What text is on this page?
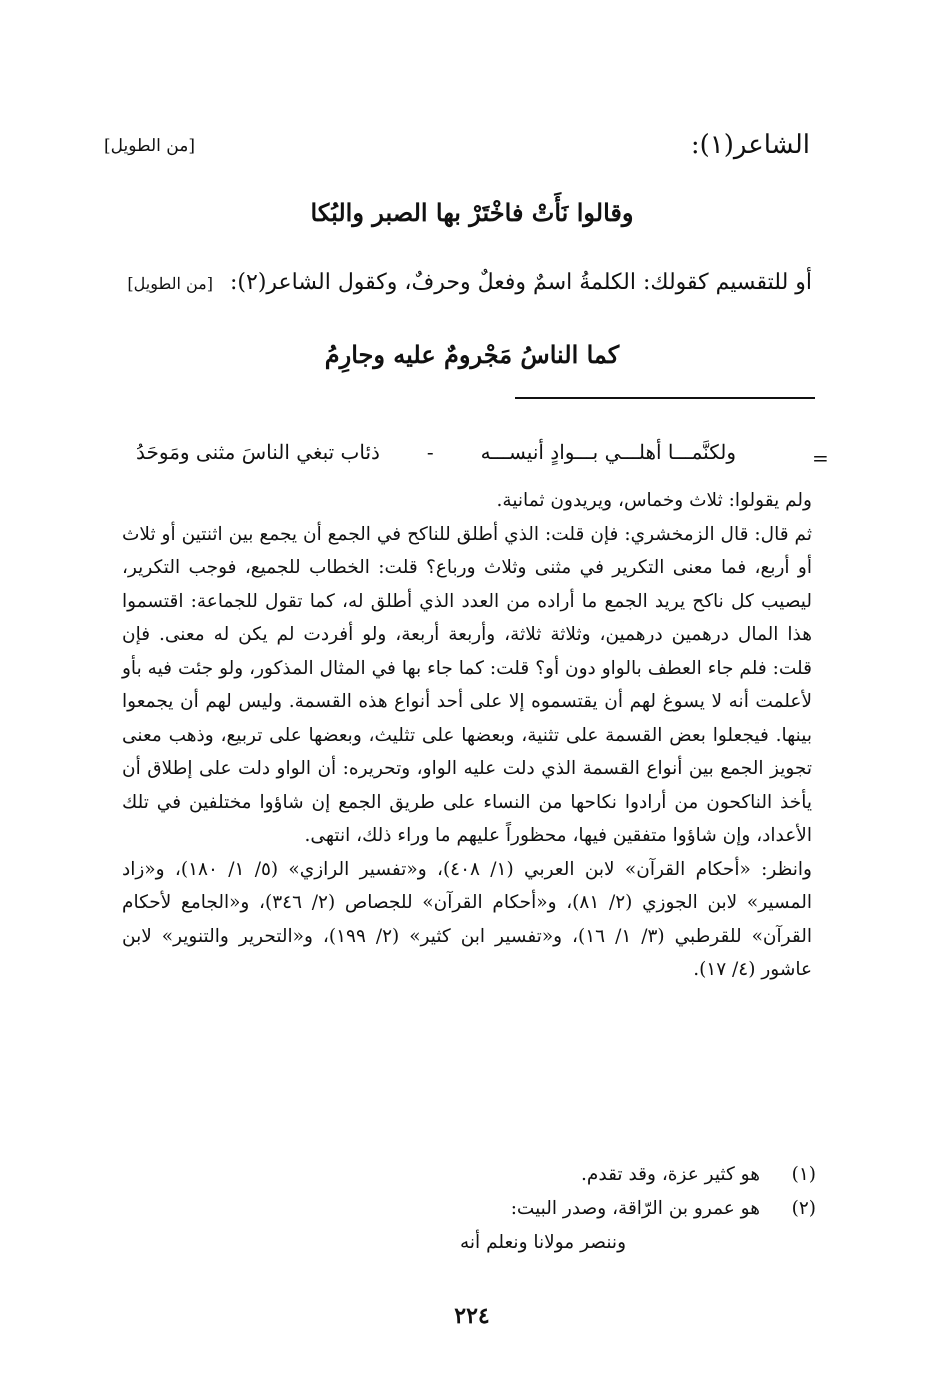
الشاعر(١):
[من الطويل]
وقالوا نَأَتْ فاخْتَرْ بها الصبر والبُكا
أو للتقسيم كقولك: الكلمةُ اسمٌ وفعلٌ وحرفٌ، وكقول الشاعر(٢): [من الطويل]
كما الناسُ مَجْرومٌ عليه وجارِمُ
=
ولكنَّمـــا أهلـــي بـــوادٍ أنيســـه
-
ذئاب تبغي الناسَ مثنى ومَوحَدُ

ولم يقولوا: ثلاث وخماس، ويريدون ثمانية.

ثم قال: قال الزمخشري: فإن قلت: الذي أطلق للناكح في الجمع أن يجمع بين اثنتين أو ثلاث أو أربع، فما معنى التكرير في مثنى وثلاث ورباع؟ قلت: الخطاب للجميع، فوجب التكرير، ليصيب كل ناكح يريد الجمع ما أراده من العدد الذي أطلق له، كما تقول للجماعة: اقتسموا هذا المال درهمين درهمين، وثلاثة ثلاثة، وأربعة أربعة، ولو أفردت لم يكن له معنى. فإن قلت: فلم جاء العطف بالواو دون أو؟ قلت: كما جاء بها في المثال المذكور، ولو جئت فيه بأو لأعلمت أنه لا يسوغ لهم أن يقتسموه إلا على أحد أنواع هذه القسمة. وليس لهم أن يجمعوا بينها. فيجعلوا بعض القسمة على تثنية، وبعضها على تثليث، وبعضها على تربيع، وذهب معنى تجويز الجمع بين أنواع القسمة الذي دلت عليه الواو، وتحريره: أن الواو دلت على إطلاق أن يأخذ الناكحون من أرادوا نكاحها من النساء على طريق الجمع إن شاؤوا مختلفين في تلك الأعداد، وإن شاؤوا متفقين فيها، محظوراً عليهم ما وراء ذلك، انتهى.

وانظر: «أحكام القرآن» لابن العربي (١/ ٤٠٨)، و«تفسير الرازي» (٥/ ١/ ١٨٠)، و«زاد المسير» لابن الجوزي (٢/ ٨١)، و«أحكام القرآن» للجصاص (٢/ ٣٤٦)، و«الجامع لأحكام القرآن» للقرطبي (٣/ ١/ ١٦)، و«تفسير ابن كثير» (٢/ ١٩٩)، و«التحرير والتنوير» لابن عاشور (٤/ ١٧).

(١)
هو كثير عزة، وقد تقدم.
(٢)
هو عمرو بن الرّاقة، وصدر البيت:
وننصر مولانا ونعلم أنه
٢٢٤
